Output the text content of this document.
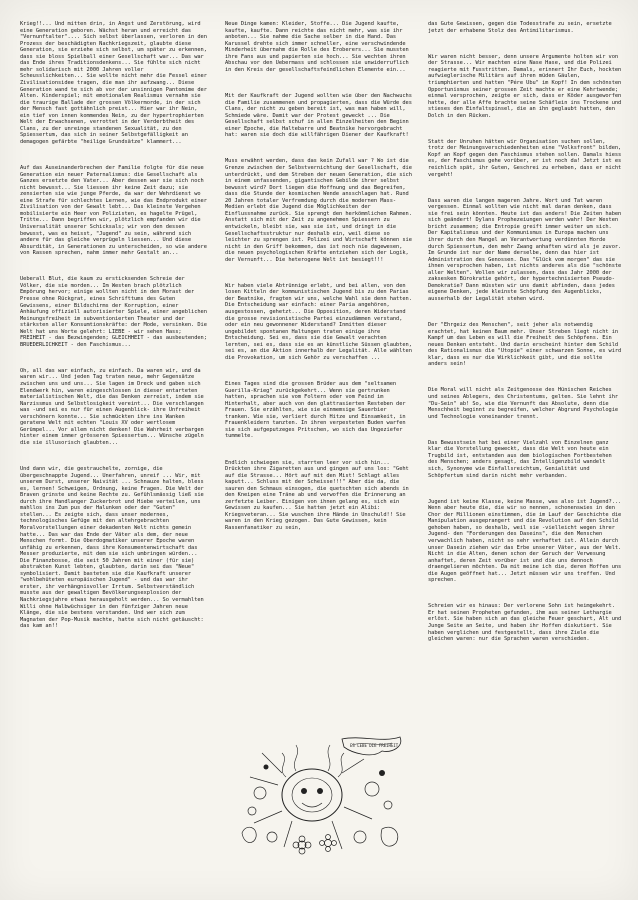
Krieg!!... Und mitten drin, in Angst und Zerstörung, wird eine Generation geboren. Wächst heran und erreicht das "Vernunftalter".... Sich selbst überlassen, verloren in den Prozess der beschädigten Nachkriegszeit, glaubte diese Generation, sie erziehe sich selbst, um später zu erkennen, dass sie bloss Spielball einer Gesellschaft war... Das war das Ende ihres Traditionsdenkens... Sie fühlte sich nicht mehr solidarisch mit 2000 Jahren voller Scheusslichkeiten... Sie wollte nicht mehr die Fessel einer Zivilisationsidee tragen, die man ihr aufzwang... Diese Generation wand te sich ab vor der unsinnigen Pantomime der Alten. Kinderspiel; mit emotionalem Realismus vernahm sie die traurige Ballade der grossen Völkermorde, in der sich der Mensch fast gottähnlich preist... Hier war ihr Nein, ein tief von innen kommendes Nein, zu der hypertrophierten Welt der Erwachsenen, verrottet in der Verderbtheit des Clans, zu der unreinge standenen Sexualität, zu den Spiessertum, das sich in seiner Selbstgefälligkeit an demagogen gefärbte "heilige Grundsätze" klammert...

Auf das Auseinanderbrechen der Familie folgte für die neue Generation ein neuer Paternalismus: die Gesellschaft als Ganzes ersetzte den Vater... Aber dessen war sie sich noch nicht bewusst... Sie liessen ihr keine Zeit dazu; sie zensierten sie wie junge Pferde, da war der Wehrdienst wo eine Strafe für schlechtes Lernen, wie das Endprodukt einer Zivilisation von der Gewalt lebt... Das kleinste Vergehen mobilisierte ein Heer von Polizisten, es hagelte Prügel, Tritte... Dann begriffen wir, plötzlich empfanden wir die Universalität unserer Schicksals; wir von den dessen bewusst, was es heisst, "Jugend" zu sein, während sich andere für das gleiche verprügeln liessen... Und diese Absurdität, in Generationen zu unterscheiden, so wie andere von Rassen sprechen, nahm immer mehr Gestalt an...

Ueberall Blut, die kaum zu ersticksenden Schreie der Völker, die sie morden... Im Westen brach plötzlich Empörung hervor; einige wollten nicht in den Morast der Presse ohne Rückgrat, eines Schrifttums des Guten Gewissens, einer Bildschirms der Korruption, einer Anhäufung offiziell autorisierter Spiele, einer angeblichen Meinungsfreiheit im subventionierten Theater und der stärksten aller Konsumtionskräfte: der Mode, versinken. Die Welt hat uns Worte gelehrt: LIEBE - wir sehen Hass; FREIHEIT - das Bezwingenden; GLEICHHEIT - das ausbeutenden; BRUEDERLICHKEIT - den Faschismus...

Oh, all das war einfach, zu einfach. Da waren wir, und da waren wir... Und jeden Tag traten neue, mehr Gegensätze zwischen uns und uns... Sie lagen im Dreck und gaben sich Elendwerk hin, waren eingeschlossen in dieser entarteten materialistischen Welt, die das Denken zerreist, indem sie Narzissmus und Selbstlosigkeit vereint... Die verschlangen was -und sei es nur für einen Augenblick- ihre Unfreiheit verschönern konnte... Sie schmückten ihre ins Wanken geratene Welt mit echten "Louis XV oder wertlosem Gerümpel... Vor allem nicht denken! Die Wahrheit verbargen hinter einem immer grösseren Spiessertum... Wünsche zügeln die sie illusorisch glaubten...

Und dann wir, die gestrauchelte, zornige, die übergeschnappte Jugend... Unerfahren, unreif ... Wir, mit unserem Durst, unserer Naivität ... Schnauze halten, bless es, lernen! Schweigen, Ordnung, keine Fragen. Die Welt der Braven grinste und keine Rechte zu. Gefühlsmässig ließ sie durch ihre Handlanger Zuckerbrot und Hiebe verteilen, uns mahllos ins Zum pus der Halunken oder der "Guten" stellen... Es zeigte sich, dass unser modernes, technologisches Gefüge mit den altehrgebrachten Moralvorstellungen einer dekadenten Welt nichts gemein hatte... Das war das Ende der Väter als dem, der neue Menschen formt. Die Oberdogmatiker unserer Epoche waren unfähig zu erkennen, dass ihre Konsumentenwirtschaft das Messer produzierte, mit dem sie sich umbringen würden... Die Finanzbosse, die seit 50 Jahren mit einer (für sie) abstrakten Kunst lebten, glaubten, darin sei das "Neue" symbolisiert. Damit basteten sie die Kaufkraft unserer "wohlbehüteten europäischen Jugend" - und das war ihr erster, ihr verhängnisvoller Irrtum. Selbstverständlich musste aus der gewaltigen Bevölkerungsexplosion der Nachkriegsjahre etwas herausgeholt werden... So vermahlten Willi ohne Halbwüchsiger in den fünfziger Jahren neue Klänge, die sie bestens verstanden. Und wer sich zum Magnaten der Pop-Musik machte, hatte sich nicht getäuscht: das kam an!!

Neue Dinge kamen: Kleider, Stoffe... Die Jugend kaufte, kaufte, kaufte. Dann reichte das nicht mehr, was sie ihr anboten... Sie nahme die Sache selber in die Hand. Das Karussel drehte sich immer schneller, eine verschwindende Minderheit übernahm die Rolle des Eroberers... Sie mussten ihre Fans aus und papierten sie hoch... Sie wechten ihren Abschau vor den Uebermass und schlossen sie unwiderruflich in den Kreis der gesellschaftsfeindlichen Elemente ein...

Mit der Kaufkraft der Jugend wollten wie über den Nachwuchs die Familie zusammenen und propagierten, dass die Würde des Clans, der nicht zu geben bereit ist, was man haben will, Schmiede wäre. Damit war der Protest geweckt ... Die Gesellschaft selbst schuf in allen Einzelheiten den Beginn einer Epoche, die Haltebarre und Beatnike hervorgebracht hat: waren sie doch die willfährigen Diener der Kaufkraft!

Muss erwähnt werden, dass das kein Zufall war ? Wo ist die Grenze zwischen der Selbstvernichtung der Gesellschaft, die unterdrückt, und dem Streben der neuen Generation, die sich in einem unfassenden, gigantischen Gebilde ihrer selbst bewusst wird? Dort liegen die Hoffnung und das Begreifen, dass die Stunde der kosmischen Wende ansschlagen hat. Rund 20 Jahren totaler Verfremdung durch die modernen Mass-Medien erlebt die Jugend die Möglichkeiten der Einflussnahme zurück. Sie sprengt den herkömmlichen Rahmen. Anstatt sich mit der Zeit zu angenehmen Spiessern zu entwickeln, bleibt sie, was sie ist, und dringt in die Gesellschaftsstruktur nur deshalb ein, weil diese so leichter zu sprengen ist. Polizei und Wirtschaft können sie nicht in den Griff bekommen, das ist noch nie dagewesen, die neuen psychologischen Kräfte entziehen sich der Logik, der Vernunft... Die heterogene Welt ist besiegt!!!

Wir haben viele Abtrünnige erlebt, und bei allen, von den losen Kitteln der kommunistischen Jugend bis zu den Parias der Beatnike, fragten wir uns, welche Wahl sie denn hatten. Die Entscheidung war einfach: einer Paria angehören, ausgestossen, gehetzt... Die Opposition, deren Widerstand die grosse revisionistische Partei einzudämmen verstand, oder ein neu gewonnener Widerstand? Inmitten dieser ungebildet spontanen Haltungen traten einige ihre Entscheidung. Sei es, dass sie die Gewalt verachten lernten, sei es, dass sie es an künstliche Süssen glaubten, sei es, an die Aktion innerhalb der Legalität. Alle wählten die Provokation, um sich Gehör zu verschaffen ...

Eines Tages sind die grossen Brüder aus dem "seltsamen Guerilla-Krieg" zurückgekehrt... Wenn sie gertrunken hatten, sprachen sie vom Foltern oder vom Feind im Hinterhalt, aber auch von den glattrasierten Resteben der Frauen. Sie erzählten, wie sie einmemsige Sauerbier tranken. Wie sie, verliert durch Hitze und Einsamkeit, in Frauenkleidern tanzten. In ihren verpesteten Buden warfen sie sich aufgeputzeges Pritschen, wo sich das Ungeziefer tummelte.

Endlich schwiegen sie, starrten leer vor sich hin... Drückten ihre Zigaretten aus und gingen auf uns los: "Geht auf die Strasse... Hört auf mit den Mist! Schlagt alles kaputt... Schluss mit der Scheisse!!!" Aber die da, die sauren den Schmaus einsogen, die quetschten sich abends in den Kneipen eine Träne ab und verwoffen die Erinnerung an zerfetzte Leiber. Einigen von ihnen gelang es, sich ein Gewissen zu kaufen... Sie hatten jetzt ein Alibi: Kriegsveteran... Sie wuschen ihre Hände in Unschuld!! Sie waren in den Krieg gezogen. Das Gute Gewissen, kein Rassenfanatiker zu sein,

das Gute Gewissen, gegen die Todesstrafe zu sein, ersetzte jetzt der erhabene Stolz des Antimilitarismus.

Wir waren nicht besser, denn unsere Argumente holten wir von der Strasse... Wir machten eine Nase Hase, und die Polizei reagierte mit Fusstritten. Damals, erinnert Ihr Euch, hockten aufwieglerische Militärs auf ihren müden Gäulen, triumphierten und hatten "Pére Ubu" im Kopf! In dem schönsten Opportunismus seiner grossen Zeit machte er eine Kehrtwende; einmal versprochen, zeigte er sich, dass er Köder ausgeworfen hatte, der alle Affe brachte seine Schäflein ins Trockene und stieses den Einfaltspinsel, die an ihn geglaubt hatten, den Dolch in den Rücken.

Statt der Unruhen hätten wir Organisation suchen sollen, trotz der Meinungsverschiedenheiten eine "Volksfront" bilden, Kopf an Kopf gegen den Faschismus stehen sollen. Damals hiess es, der Faschismus gehe vorüber, er ist noch da! Jetzt ist es reichlich spät, ihr Guten, Geschrei zu erheben, dass er nicht vergeht!

Dass waren die langen mageren Jahre. Wort und Tat waren vergessen. Einmal wollten wie nicht mal daran denken, dass sie frei sein könnten. Heute ist das anders! Die Zeiten haben sich geändert! Dylans Prophezeiungen werden wahr! Der Westen bricht zusammen; die Entropie greift immer weiter um sich. Der Kapitalismus und der Kommunismus in Europa machen uns ihrer durch den Mangel an Verantwortung verdünnten Horde durch Spiessertum, den mehr Zwang anhaften wird als je zuvor. Im Grunde ist nur der Name derselbe, denn das hier ist Administration des Genossen. Das "Glück vom morgen" das sie ihnen versprochen haben, ist nichts anderes als die "schönste aller Welten". Wollen wir zulassen, dass das Jahr 2000 der zaksesken Bürokratie gehört, der hypertechnisierten Pseudo-Demokratie? Dann müssten wir uns damit abfinden, dass jedes eigene Denken, jede kleinste Schöpfung des Augenblicks, ausserhalb der Legalität stehen wird.

Der "Ehrgeiz des Menschen", seit jeher als notwendig erachtet, hat keinen Baum mehr. Unser Streben liegt nicht in Kampf um das Leben es will die Freiheit des Schöpfens. Ein neues Denken entsteht. Und darin erscheint hinter dem Schild des Rationalismus die "Utopie" einer schwarzen Sonne, es wird klar, dass es nur die Wirklichkeit gibt, und die sollte anders sein!

Die Moral will nicht als Zeitgenosse des Hünischen Reiches und seines Ablegers, des Christentums, gelten. Sie lehnt ihr "Du-Sein" ab! So, wie die Vernunft das Absolute, denn die Menschheit beginnt zu begreifen, welcher Abgrund Psychologie und Technologie voneinander trennt.

Das Bewusstsein hat bei einer Vielzahl von Einzelnen ganz klar die Vorstellung geweckt, dass die Welt von heute ein Trugbild ist, entstanden aus dem biologischen Fortbestehen des Menschen; anders gesagt, das Intelligenzbild wandelt sich, Synonyme wie Einfallsreichtum, Genialität und Schöpfertum sind darin nicht mehr verbanden.

Jugend ist keine Klasse, keine Masse, was also ist Jugend?... Wenn aber heute die, die wir so nennen, schonenswies in den Chor der Millionen einstimmen, die im Lauf der Geschichte die Manipulation ausgeprangert und die Revolution auf den Schild gehoben haben, so deshalb, weil sie -vielleicht wegen ihrer Jugend- den "Forderungen des Daseins", die den Menschen verwachlich haben, nicht so sehr verhaftet ist. Allein durch unser Dasein ziehen wir das Erbe unserer Väter, aus der Welt. Nicht in die Alten, denen schon der Geruch der Verwesung anhaftet, deren Zeit vorüber ist und die uns dennoch draengelieren möchten. Da mit meine ich die, deren Hoffen uns die Augen geöffnet hat... Jetzt müssen wir uns treffen. Und sprechen.

Schreien wir es hinaus: Der verlorene Sohn ist heimgekehrt. Er hat seinen Propheten gefunden, ihm aus seiner Lethargie erlöst. Sie haben sich an das gleiche Feuer geschart, Alt und Junge Seite an Seite, und haben ihr Hoffen diskutiert. Sie haben verglichen und festgestellt, dass ihre Ziele die gleichen waren: nur die Sprachen waren verschieden.

ES LEBE DIE FREIHEIT
